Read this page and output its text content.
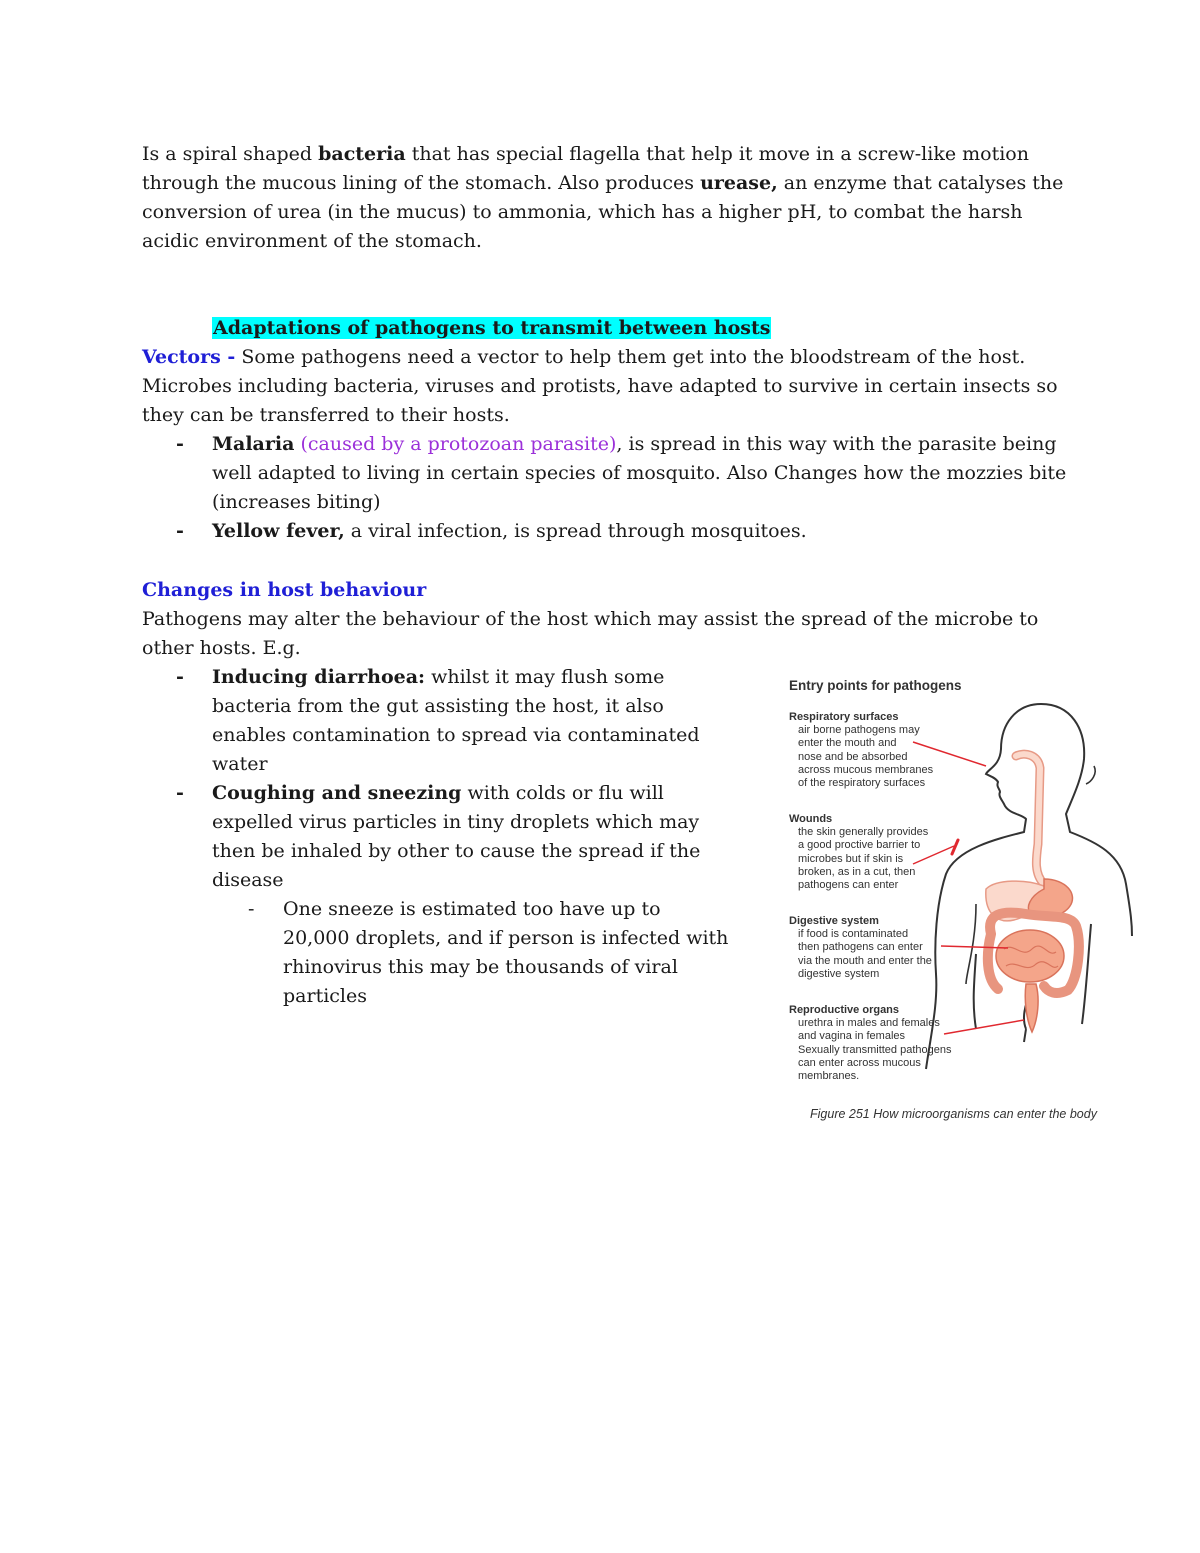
Is a spiral shaped bacteria that has special flagella that help it move in a screw-like motion through the mucous lining of the stomach. Also produces urease, an enzyme that catalyses the conversion of urea (in the mucus) to ammonia, which has a higher pH, to combat the harsh acidic environment of the stomach.

Adaptations of pathogens to transmit between hosts

Vectors - Some pathogens need a vector to help them get into the bloodstream of the host. Microbes including bacteria, viruses and protists, have adapted to survive in certain insects so they can be transferred to their hosts.

- Malaria (caused by a protozoan parasite), is spread in this way with the parasite being well adapted to living in certain species of mosquito. Also Changes how the mozzies bite (increases biting)
- Yellow fever, a viral infection, is spread through mosquitoes.

Changes in host behaviour

Pathogens may alter the behaviour of the host which may assist the spread of the microbe to other hosts. E.g.

- Inducing diarrhoea: whilst it may flush some bacteria from the gut assisting the host, it also enables contamination to spread via contaminated water
- Coughing and sneezing with colds or flu will expelled virus particles in tiny droplets which may then be inhaled by other to cause the spread if the disease
- One sneeze is estimated too have up to 20,000 droplets, and if person is infected with rhinovirus this may be thousands of viral particles
Entry points for pathogens
Respiratory surfaces
air borne pathogens may
enter the mouth and
nose and be absorbed
across mucous membranes
of the respiratory surfaces
Wounds
the skin generally provides
a good proctive barrier to
microbes but if skin is
broken, as in a cut, then
pathogens can enter
Digestive system
if food is contaminated
then pathogens can enter
via the mouth and enter the
digestive system
Reproductive organs
urethra in males and females
and vagina in females
Sexually transmitted pathogens
can enter across mucous
membranes.
Figure 251 How microorganisms can enter the body
